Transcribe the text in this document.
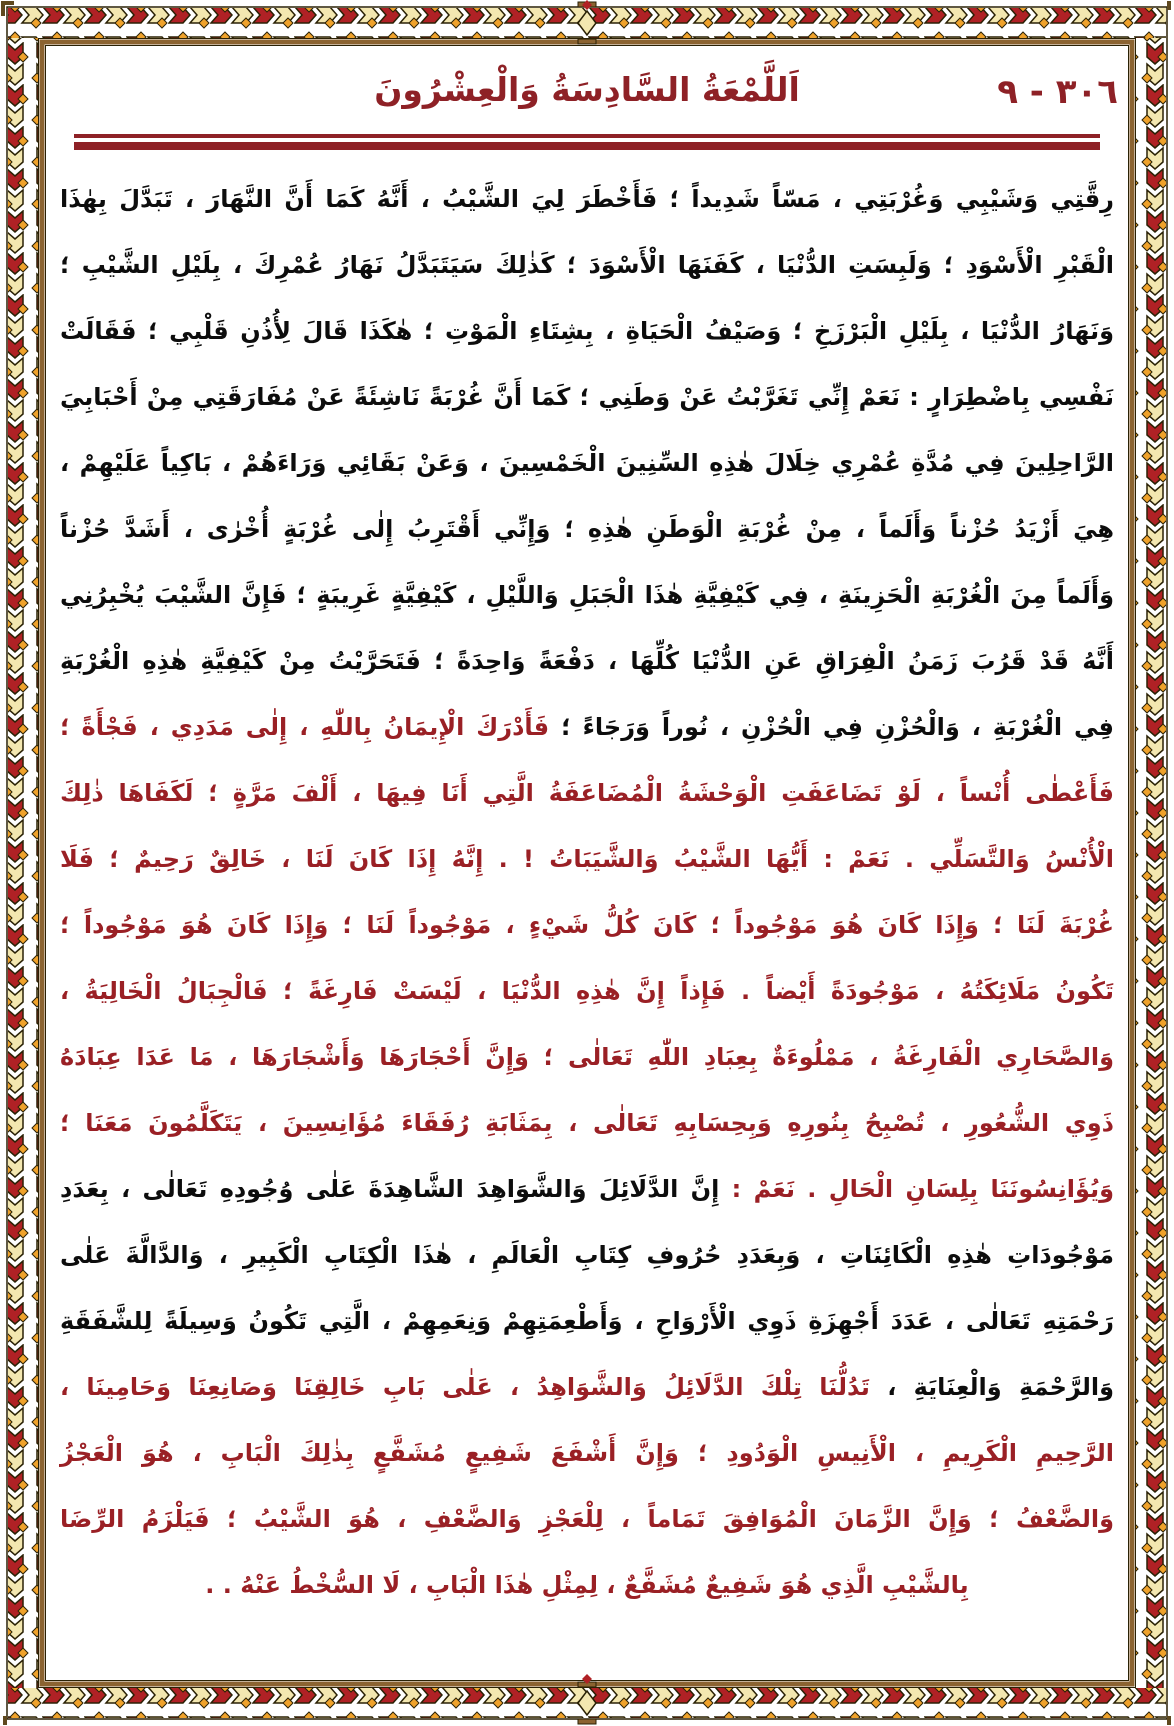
اَللَّمْعَةُ السَّادِسَةُ وَالْعِشْرُونَ	٩ - ٣٠٦
رِقَّتِي وَشَيْبِي وَغُرْبَتِي ، مَسّاً شَدِيداً ؛ فَأَخْطَرَ لِيَ الشَّيْبُ ، أَنَّهُ كَمَا أَنَّ النَّهَارَ ، تَبَدَّلَ بِهٰذَا
الْقَبْرِ الْأَسْوَدِ ؛ وَلَبِسَتِ الدُّنْيَا ، كَفَنَهَا الْأَسْوَدَ ؛ كَذٰلِكَ سَيَتَبَدَّلُ نَهَارُ عُمْرِكَ ، بِلَيْلِ الشَّيْبِ ؛
وَنَهَارُ الدُّنْيَا ، بِلَيْلِ الْبَرْزَخِ ؛ وَصَيْفُ الْحَيَاةِ ، بِشِتَاءِ الْمَوْتِ ؛ هٰكَذَا قَالَ لِأُذُنِ قَلْبِي ؛ فَقَالَتْ
نَفْسِي بِاضْطِرَارٍ : نَعَمْ إِنِّي تَغَرَّبْتُ عَنْ وَطَنِي ؛ كَمَا أَنَّ غُرْبَةً نَاشِئَةً عَنْ مُفَارَقَتِي مِنْ أَحْبَابِيَ
الرَّاحِلِينَ فِي مُدَّةِ عُمْرِي خِلَالَ هٰذِهِ السِّنِينَ الْخَمْسِينَ ، وَعَنْ بَقَائِي وَرَاءَهُمْ ، بَاكِياً عَلَيْهِمْ ،
هِيَ أَزْيَدُ حُزْناً وَأَلَماً ، مِنْ غُرْبَةِ الْوَطَنِ هٰذِهِ ؛ وَإِنِّي أَقْتَرِبُ إِلٰى غُرْبَةٍ أُخْرٰى ، أَشَدَّ حُزْناً
وَأَلَماً مِنَ الْغُرْبَةِ الْحَزِينَةِ ، فِي كَيْفِيَّةِ هٰذَا الْجَبَلِ وَاللَّيْلِ ، كَيْفِيَّةٍ غَرِيبَةٍ ؛ فَإِنَّ الشَّيْبَ يُخْبِرُنِي
أَنَّهُ قَدْ قَرُبَ زَمَنُ الْفِرَاقِ عَنِ الدُّنْيَا كُلِّهَا ، دَفْعَةً وَاحِدَةً ؛ فَتَحَرَّيْتُ مِنْ كَيْفِيَّةِ هٰذِهِ الْغُرْبَةِ
فِي الْغُرْبَةِ ، وَالْحُزْنِ فِي الْحُزْنِ ، نُوراً وَرَجَاءً ؛ فَأَدْرَكَ الْإِيمَانُ بِاللّٰهِ ، إِلٰى مَدَدِي ، فَجْأَةً ؛
فَأَعْطٰى أُنْساً ، لَوْ تَضَاعَفَتِ الْوَحْشَةُ الْمُضَاعَفَةُ الَّتِي أَنَا فِيهَا ، أَلْفَ مَرَّةٍ ؛ لَكَفَاهَا ذٰلِكَ
الْأُنْسُ وَالتَّسَلِّي . نَعَمْ : أَيُّهَا الشَّيْبُ وَالشَّيَبَاتُ ! . إِنَّهُ إِذَا كَانَ لَنَا ، خَالِقٌ رَحِيمٌ ؛ فَلَا
غُرْبَةَ لَنَا ؛ وَإِذَا كَانَ هُوَ مَوْجُوداً ؛ كَانَ كُلُّ شَيْءٍ ، مَوْجُوداً لَنَا ؛ وَإِذَا كَانَ هُوَ مَوْجُوداً ؛
تَكُونُ مَلَائِكَتُهُ ، مَوْجُودَةً أَيْضاً . فَإِذاً إِنَّ هٰذِهِ الدُّنْيَا ، لَيْسَتْ فَارِغَةً ؛ فَالْجِبَالُ الْخَالِيَةُ ،
وَالصَّحَارِي الْفَارِغَةُ ، مَمْلُوءَةٌ بِعِبَادِ اللّٰهِ تَعَالٰى ؛ وَإِنَّ أَحْجَارَهَا وَأَشْجَارَهَا ، مَا عَدَا عِبَادَهُ
ذَوِي الشُّعُورِ ، تُصْبِحُ بِنُورِهِ وَبِحِسَابِهِ تَعَالٰى ، بِمَثَابَةِ رُفَقَاءَ مُؤَانِسِينَ ، يَتَكَلَّمُونَ مَعَنَا ؛
وَيُؤَانِسُونَنَا بِلِسَانِ الْحَالِ . نَعَمْ : إِنَّ الدَّلَائِلَ وَالشَّوَاهِدَ الشَّاهِدَةَ عَلٰى وُجُودِهِ تَعَالٰى ، بِعَدَدِ
مَوْجُودَاتِ هٰذِهِ الْكَائِنَاتِ ، وَبِعَدَدِ حُرُوفِ كِتَابِ الْعَالَمِ ، هٰذَا الْكِتَابِ الْكَبِيرِ ، وَالدَّالَّةَ عَلٰى
رَحْمَتِهِ تَعَالٰى ، عَدَدَ أَجْهِزَةِ ذَوِي الْأَرْوَاحِ ، وَأَطْعِمَتِهِمْ وَنِعَمِهِمْ ، الَّتِي تَكُونُ وَسِيلَةً لِلشَّفَقَةِ
وَالرَّحْمَةِ وَالْعِنَايَةِ ، تَدُلُّنَا تِلْكَ الدَّلَائِلُ وَالشَّوَاهِدُ ، عَلٰى بَابِ خَالِقِنَا وَصَانِعِنَا وَحَامِينَا ،
الرَّحِيمِ الْكَرِيمِ ، الْأَنِيسِ الْوَدُودِ ؛ وَإِنَّ أَشْفَعَ شَفِيعٍ مُشَفَّعٍ بِذٰلِكَ الْبَابِ ، هُوَ الْعَجْزُ
وَالضَّعْفُ ؛ وَإِنَّ الزَّمَانَ الْمُوَافِقَ تَمَاماً ، لِلْعَجْزِ وَالضَّعْفِ ، هُوَ الشَّيْبُ ؛ فَيَلْزَمُ الرِّضَا
بِالشَّيْبِ الَّذِي هُوَ شَفِيعٌ مُشَفَّعٌ ، لِمِثْلِ هٰذَا الْبَابِ ، لَا السُّخْطُ عَنْهُ . .
